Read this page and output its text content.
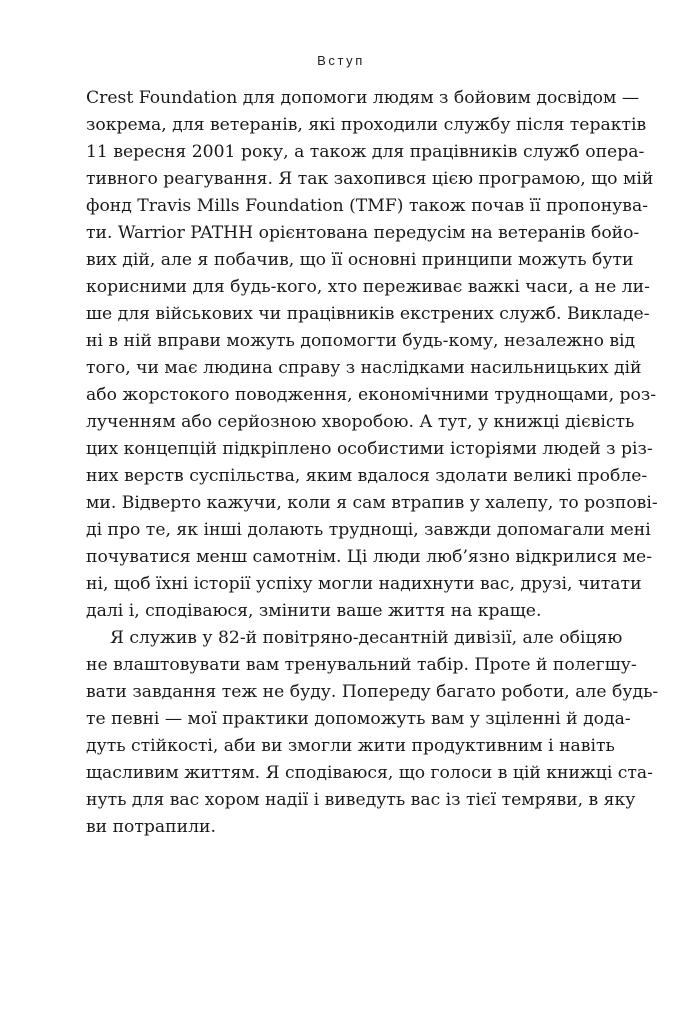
Вступ
Crest Foundation для допомоги людям з бойовим досвідом —
зокрема, для ветеранів, які проходили службу після терактів
11 вересня 2001 року, а також для працівників служб опера-
тивного реагування. Я так захопився цією програмою, що мій
фонд Travis Mills Foundation (TMF) також почав її пропонува-
ти. Warrior PATHH орієнтована передусім на ветеранів бойо-
вих дій, але я побачив, що її основні принципи можуть бути
корисними для будь-кого, хто переживає важкі часи, а не ли-
ше для військових чи працівників екстрених служб. Викладе-
ні в ній вправи можуть допомогти будь-кому, незалежно від
того, чи має людина справу з наслідками насильницьких дій
або жорстокого поводження, економічними труднощами, роз-
лученням або серйозною хворобою. А тут, у книжці дієвість
цих концепцій підкріплено особистими історіями людей з різ-
них верств суспільства, яким вдалося здолати великі пробле-
ми. Відверто кажучи, коли я сам втрапив у халепу, то розпові-
ді про те, як інші долають труднощі, завжди допомагали мені
почуватися менш самотнім. Ці люди люб’язно відкрилися ме-
ні, щоб їхні історії успіху могли надихнути вас, друзі, читати
далі і, сподіваюся, змінити ваше життя на краще.
Я служив у 82-й повітряно-десантній дивізії, але обіцяю
не влаштовувати вам тренувальний табір. Проте й полегшу-
вати завдання теж не буду. Попереду багато роботи, але будь-
те певні — мої практики допоможуть вам у зціленні й дода-
дуть стійкості, аби ви змогли жити продуктивним і навіть
щасливим життям. Я сподіваюся, що голоси в цій книжці ста-
нуть для вас хором надії і виведуть вас із тієї темряви, в яку
ви потрапили.
